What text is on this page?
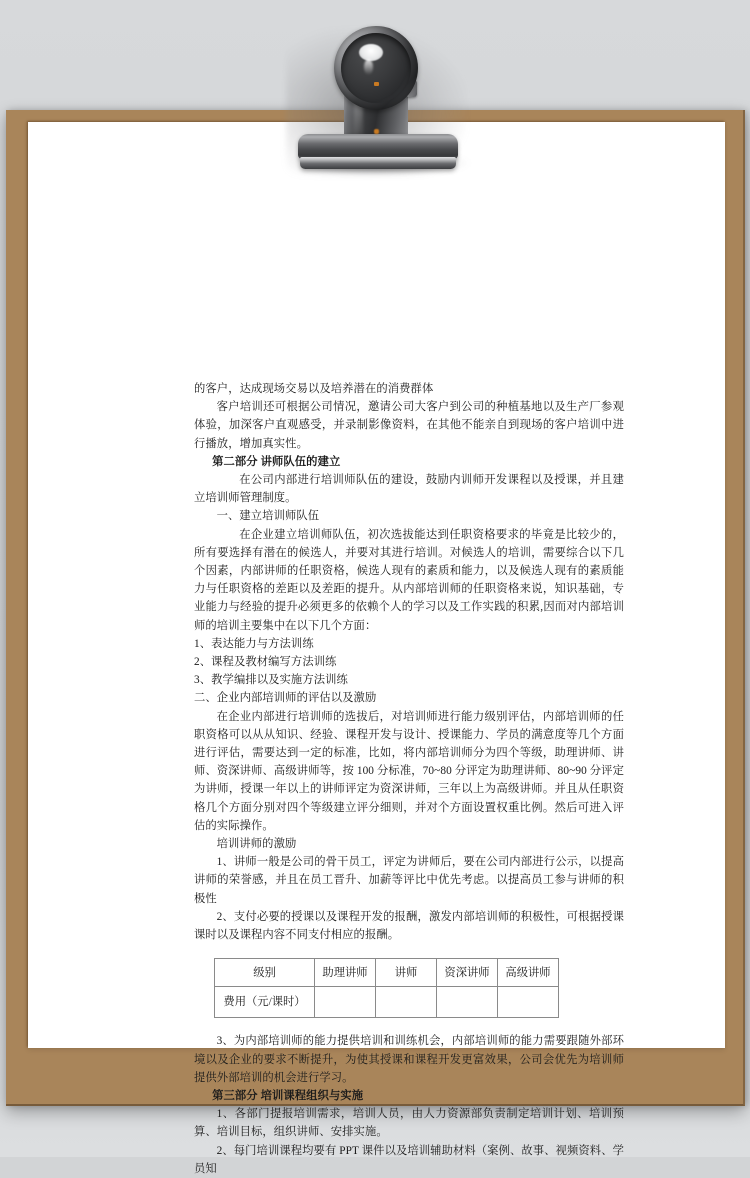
的客户，达成现场交易以及培养潜在的消费群体

客户培训还可根据公司情况，邀请公司大客户到公司的种植基地以及生产厂参观体验，加深客户直观感受，并录制影像资料，在其他不能亲自到现场的客户培训中进行播放，增加真实性。

第二部分 讲师队伍的建立

在公司内部进行培训师队伍的建设，鼓励内训师开发课程以及授课，并且建立培训师管理制度。

一、建立培训师队伍

在企业建立培训师队伍，初次选拔能达到任职资格要求的毕竟是比较少的，所有要选择有潜在的候选人，并要对其进行培训。对候选人的培训，需要综合以下几个因素，内部讲师的任职资格，候选人现有的素质和能力，以及候选人现有的素质能力与任职资格的差距以及差距的提升。从内部培训师的任职资格来说，知识基础，专业能力与经验的提升必须更多的依赖个人的学习以及工作实践的积累,因而对内部培训师的培训主要集中在以下几个方面：

1、表达能力与方法训练

2、课程及教材编写方法训练

3、教学编排以及实施方法训练

二、企业内部培训师的评估以及激励

在企业内部进行培训师的选拔后，对培训师进行能力级别评估，内部培训师的任职资格可以从从知识、经验、课程开发与设计、授课能力、学员的满意度等几个方面进行评估，需要达到一定的标准，比如，将内部培训师分为四个等级，助理讲师、讲师、资深讲师、高级讲师等，按 100 分标准，70~80 分评定为助理讲师、80~90 分评定为讲师，授课一年以上的讲师评定为资深讲师，三年以上为高级讲师。并且从任职资格几个方面分别对四个等级建立评分细则，并对个方面设置权重比例。然后可进入评估的实际操作。

培训讲师的激励

1、讲师一般是公司的骨干员工，评定为讲师后，要在公司内部进行公示，以提高讲师的荣誉感，并且在员工晋升、加薪等评比中优先考虑。以提高员工参与讲师的积极性

2、支付必要的授课以及课程开发的报酬，激发内部培训师的积极性，可根据授课课时以及课程内容不同支付相应的报酬。

级别	助理讲师	讲师	资深讲师	高级讲师
费用（元/课时）				

3、为内部培训师的能力提供培训和训练机会，内部培训师的能力需要跟随外部环境以及企业的要求不断提升，为使其授课和课程开发更富效果，公司会优先为培训师提供外部培训的机会进行学习。

第三部分 培训课程组织与实施

1、各部门提报培训需求，培训人员，由人力资源部负责制定培训计划、培训预算、培训目标，组织讲师、安排实施。

2、每门培训课程均要有 PPT 课件以及培训辅助材料（案例、故事、视频资料、学员知
